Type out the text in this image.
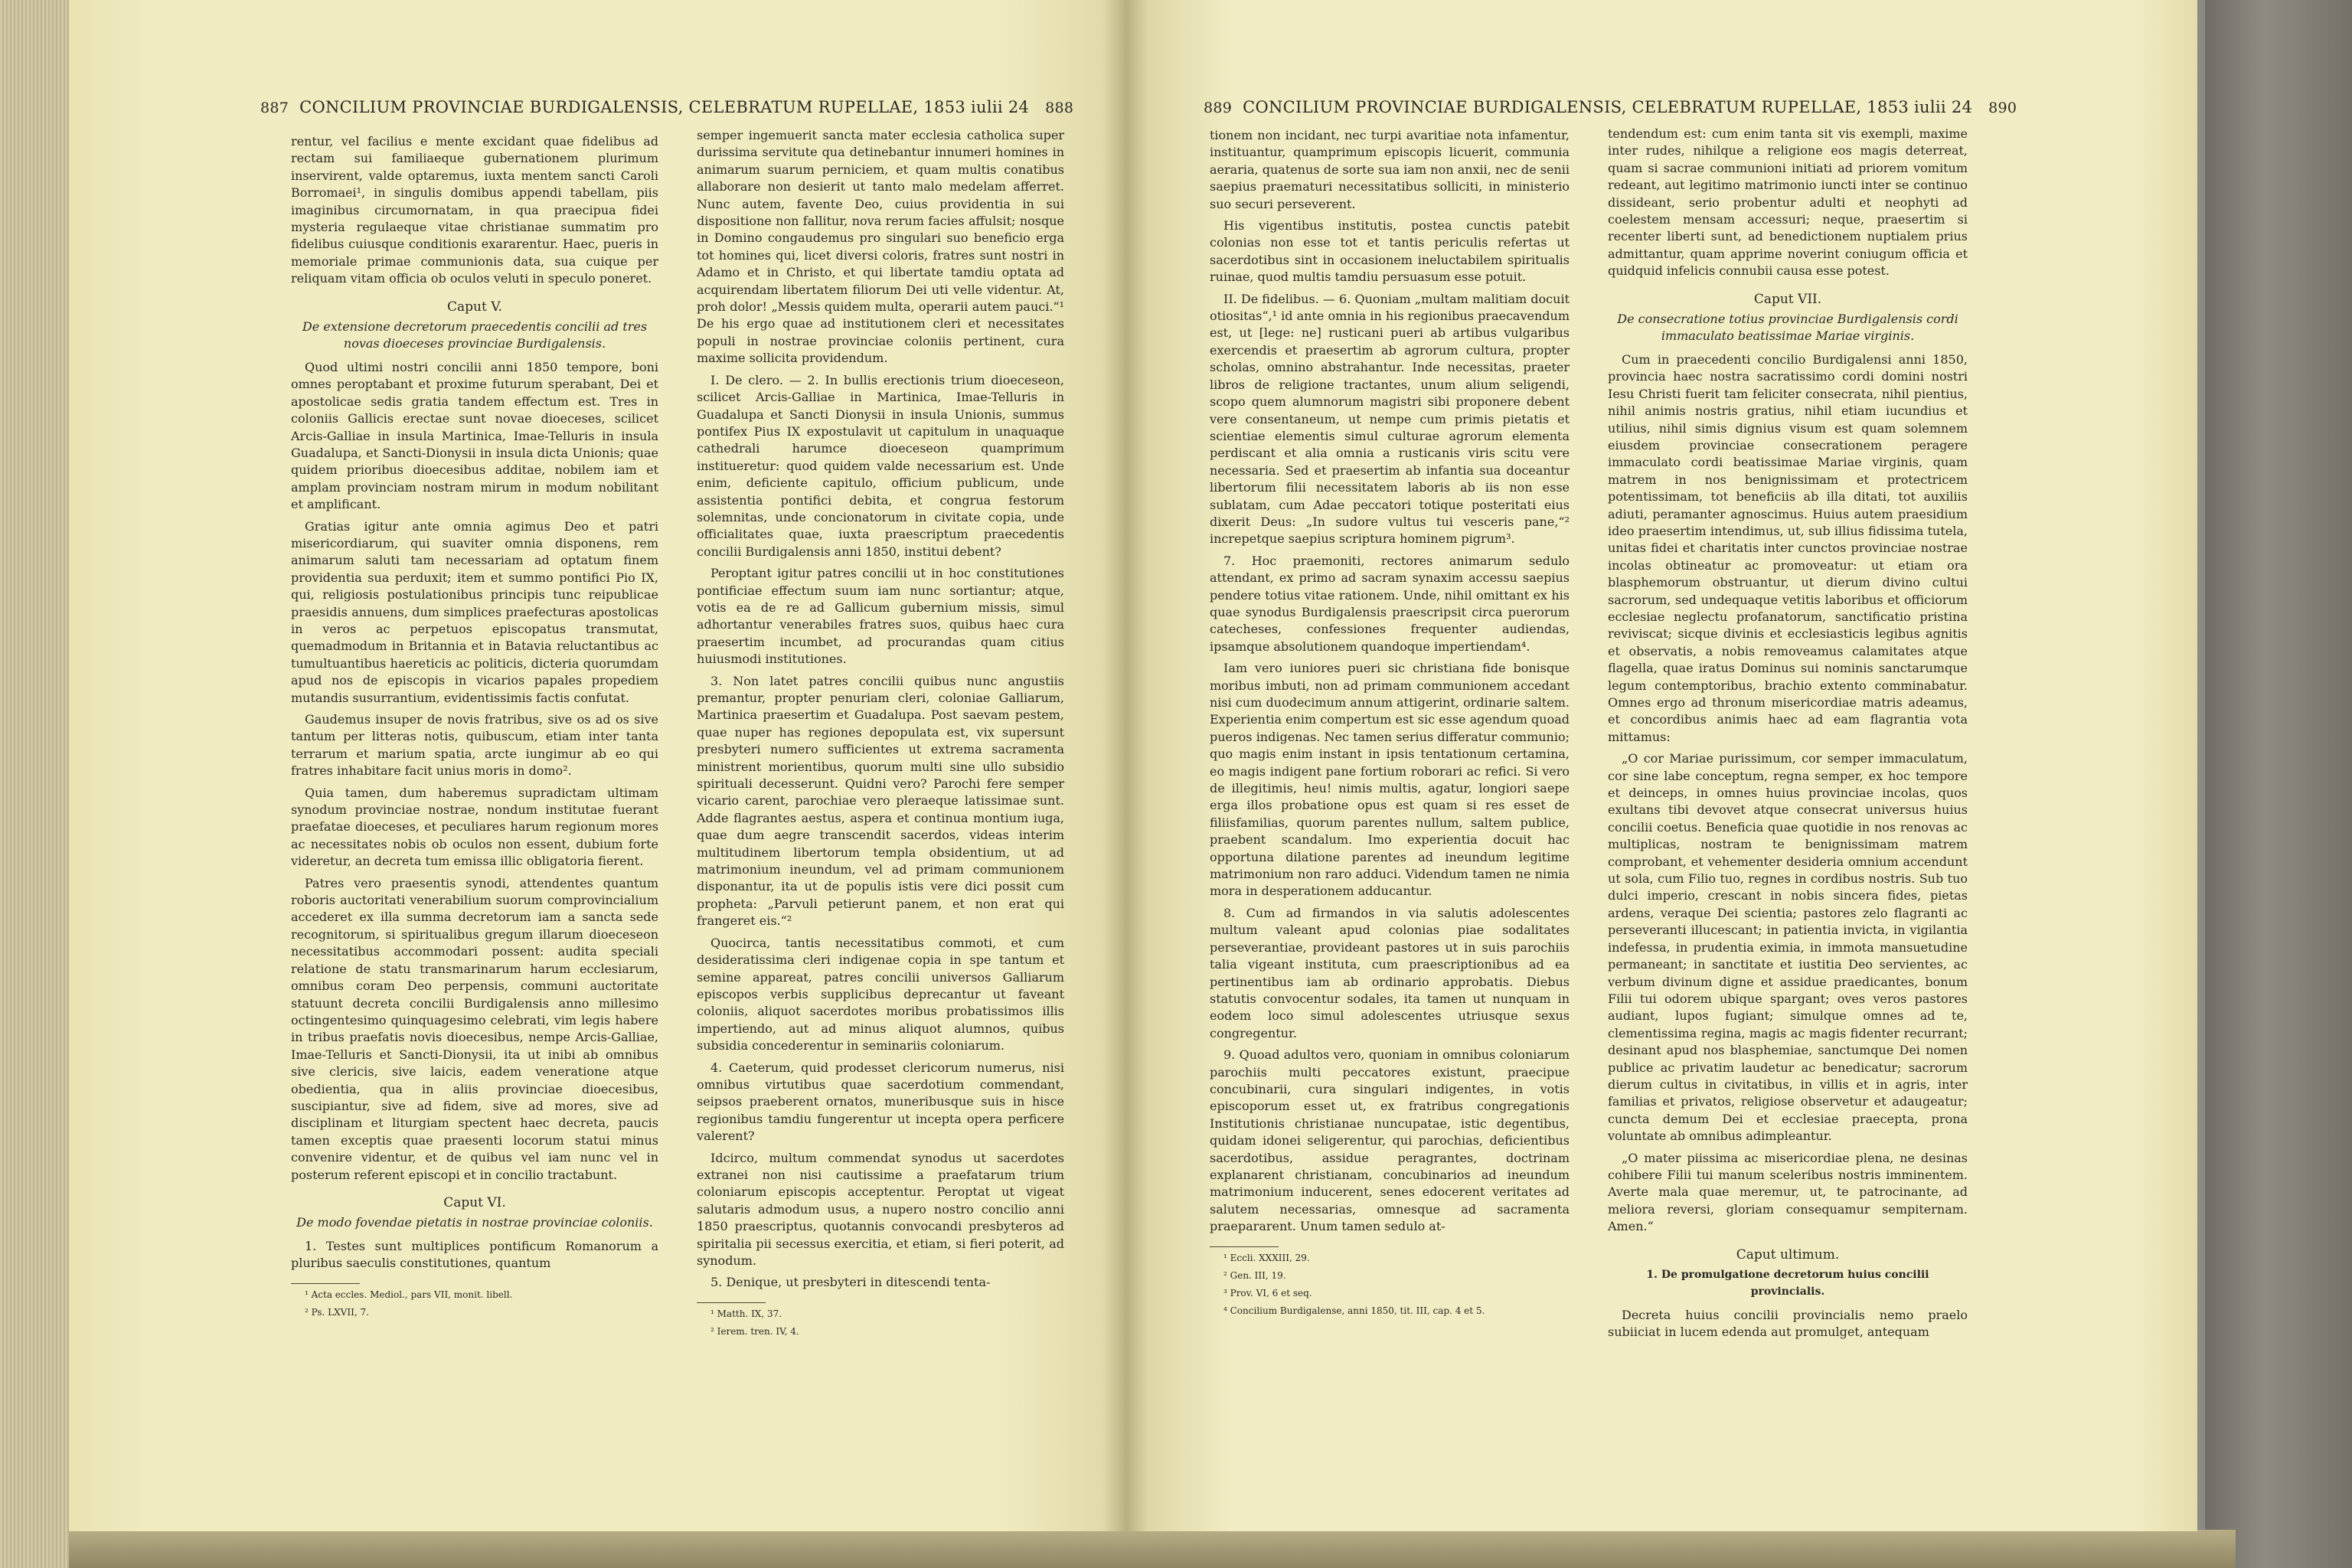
887 CONCILIUM PROVINCIAE BURDIGALENSIS, CELEBRATUM RUPELLAE, 1853 iulii 24 888

rentur, vel facilius e mente excidant quae fidelibus ad rectam sui familiaeque gubernationem plurimum inservirent, valde optaremus, iuxta mentem sancti Caroli Borromaei¹, in singulis domibus appendi tabellam, piis imaginibus circumornatam, in qua praecipua fidei mysteria regulaeque vitae christianae summatim pro fidelibus cuiusque conditionis exararentur. Haec, pueris in memoriale primae communionis data, sua cuique per reliquam vitam officia ob oculos veluti in speculo poneret.

Caput V.
De extensione decretorum praecedentis concilii ad tres novas dioeceses provinciae Burdigalensis.

Quod ultimi nostri concilii anni 1850 tempore, boni omnes peroptabant et proxime futurum sperabant, Dei et apostolicae sedis gratia tandem effectum est. Tres in coloniis Gallicis erectae sunt novae dioeceses, scilicet Arcis-Galliae in insula Martinica, Imae-Telluris in insula Guadalupa, et Sancti-Dionysii in insula dicta Unionis; quae quidem prioribus dioecesibus additae, nobilem iam et amplam provinciam nostram mirum in modum nobilitant et amplificant.

Gratias igitur ante omnia agimus Deo et patri misericordiarum, qui suaviter omnia disponens, rem animarum saluti tam necessariam ad optatum finem providentia sua perduxit; item et summo pontifici Pio IX, qui, religiosis postulationibus principis tunc reipublicae praesidis annuens, dum simplices praefecturas apostolicas in veros ac perpetuos episcopatus transmutat, quemadmodum in Britannia et in Batavia reluctantibus ac tumultuantibus haereticis ac politicis, dicteria quorumdam apud nos de episcopis in vicarios papales propediem mutandis susurrantium, evidentissimis factis confutat.

Gaudemus insuper de novis fratribus, sive os ad os sive tantum per litteras notis, quibuscum, etiam inter tanta terrarum et marium spatia, arcte iungimur ab eo qui fratres inhabitare facit unius moris in domo².

Quia tamen, dum haberemus supradictam ultimam synodum provinciae nostrae, nondum institutae fuerant praefatae dioeceses, et peculiares harum regionum mores ac necessitates nobis ob oculos non essent, dubium forte videretur, an decreta tum emissa illic obligatoria fierent.

Patres vero praesentis synodi, attendentes quantum roboris auctoritati venerabilium suorum comprovincialium accederet ex illa summa decretorum iam a sancta sede recognitorum, si spiritualibus gregum illarum dioeceseon necessitatibus accommodari possent: audita speciali relatione de statu transmarinarum harum ecclesiarum, omnibus coram Deo perpensis, communi auctoritate statuunt decreta concilii Burdigalensis anno millesimo octingentesimo quinquagesimo celebrati, vim legis habere in tribus praefatis novis dioecesibus, nempe Arcis-Galliae, Imae-Telluris et Sancti-Dionysii, ita ut inibi ab omnibus sive clericis, sive laicis, eadem veneratione atque obedientia, qua in aliis provinciae dioecesibus, suscipiantur, sive ad fidem, sive ad mores, sive ad disciplinam et liturgiam spectent haec decreta, paucis tamen exceptis quae praesenti locorum statui minus convenire videntur, et de quibus vel iam nunc vel in posterum referent episcopi et in concilio tractabunt.

Caput VI.
De modo fovendae pietatis in nostrae provinciae coloniis.

1. Testes sunt multiplices pontificum Romanorum a pluribus saeculis constitutiones, quantum

¹ Acta eccles. Mediol., pars VII, monit. libell.

² Ps. LXVII, 7.

semper ingemuerit sancta mater ecclesia catholica super durissima servitute qua detinebantur innumeri homines in animarum suarum perniciem, et quam multis conatibus allaborare non desierit ut tanto malo medelam afferret. Nunc autem, favente Deo, cuius providentia in sui dispositione non fallitur, nova rerum facies affulsit; nosque in Domino congaudemus pro singulari suo beneficio erga tot homines qui, licet diversi coloris, fratres sunt nostri in Adamo et in Christo, et qui libertate tamdiu optata ad acquirendam libertatem filiorum Dei uti velle videntur. At, proh dolor! „Messis quidem multa, operarii autem pauci.“¹ De his ergo quae ad institutionem cleri et necessitates populi in nostrae provinciae coloniis pertinent, cura maxime sollicita providendum.

I. De clero. — 2. In bullis erectionis trium dioeceseon, scilicet Arcis-Galliae in Martinica, Imae-Telluris in Guadalupa et Sancti Dionysii in insula Unionis, summus pontifex Pius IX expostulavit ut capitulum in unaquaque cathedrali harumce dioeceseon quamprimum institueretur: quod quidem valde necessarium est. Unde enim, deficiente capitulo, officium publicum, unde assistentia pontifici debita, et congrua festorum solemnitas, unde concionatorum in civitate copia, unde officialitates quae, iuxta praescriptum praecedentis concilii Burdigalensis anni 1850, institui debent?

Peroptant igitur patres concilii ut in hoc constitutiones pontificiae effectum suum iam nunc sortiantur; atque, votis ea de re ad Gallicum gubernium missis, simul adhortantur venerabiles fratres suos, quibus haec cura praesertim incumbet, ad procurandas quam citius huiusmodi institutiones.

3. Non latet patres concilii quibus nunc angustiis premantur, propter penuriam cleri, coloniae Galliarum, Martinica praesertim et Guadalupa. Post saevam pestem, quae nuper has regiones depopulata est, vix supersunt presbyteri numero sufficientes ut extrema sacramenta ministrent morientibus, quorum multi sine ullo subsidio spirituali decesserunt. Quidni vero? Parochi fere semper vicario carent, parochiae vero pleraeque latissimae sunt. Adde flagrantes aestus, aspera et continua montium iuga, quae dum aegre transcendit sacerdos, videas interim multitudinem libertorum templa obsidentium, ut ad matrimonium ineundum, vel ad primam communionem disponantur, ita ut de populis istis vere dici possit cum propheta: „Parvuli petierunt panem, et non erat qui frangeret eis.“²

Quocirca, tantis necessitatibus commoti, et cum desideratissima cleri indigenae copia in spe tantum et semine appareat, patres concilii universos Galliarum episcopos verbis supplicibus deprecantur ut faveant coloniis, aliquot sacerdotes moribus probatissimos illis impertiendo, aut ad minus aliquot alumnos, quibus subsidia concederentur in seminariis coloniarum.

4. Caeterum, quid prodesset clericorum numerus, nisi omnibus virtutibus quae sacerdotium commendant, seipsos praeberent ornatos, muneribusque suis in hisce regionibus tamdiu fungerentur ut incepta opera perficere valerent?

Idcirco, multum commendat synodus ut sacerdotes extranei non nisi cautissime a praefatarum trium coloniarum episcopis acceptentur. Peroptat ut vigeat salutaris admodum usus, a nupero nostro concilio anni 1850 praescriptus, quotannis convocandi presbyteros ad spiritalia pii secessus exercitia, et etiam, si fieri poterit, ad synodum.

5. Denique, ut presbyteri in ditescendi tenta-

¹ Matth. IX, 37.

² Ierem. tren. IV, 4.

889 CONCILIUM PROVINCIAE BURDIGALENSIS, CELEBRATUM RUPELLAE, 1853 iulii 24 890

tionem non incidant, nec turpi avaritiae nota infamentur, instituantur, quamprimum episcopis licuerit, communia aeraria, quatenus de sorte sua iam non anxii, nec de senii saepius praematuri necessitatibus solliciti, in ministerio suo securi perseverent.

His vigentibus institutis, postea cunctis patebit colonias non esse tot et tantis periculis refertas ut sacerdotibus sint in occasionem ineluctabilem spiritualis ruinae, quod multis tamdiu persuasum esse potuit.

II. De fidelibus. — 6. Quoniam „multam malitiam docuit otiositas“,¹ id ante omnia in his regionibus praecavendum est, ut [lege: ne] rusticani pueri ab artibus vulgaribus exercendis et praesertim ab agrorum cultura, propter scholas, omnino abstrahantur. Inde necessitas, praeter libros de religione tractantes, unum alium seligendi, scopo quem alumnorum magistri sibi proponere debent vere consentaneum, ut nempe cum primis pietatis et scientiae elementis simul culturae agrorum elementa perdiscant et alia omnia a rusticanis viris scitu vere necessaria. Sed et praesertim ab infantia sua doceantur libertorum filii necessitatem laboris ab iis non esse sublatam, cum Adae peccatori totique posteritati eius dixerit Deus: „In sudore vultus tui vesceris pane,“² increpetque saepius scriptura hominem pigrum³.

7. Hoc praemoniti, rectores animarum sedulo attendant, ex primo ad sacram synaxim accessu saepius pendere totius vitae rationem. Unde, nihil omittant ex his quae synodus Burdigalensis praescripsit circa puerorum catecheses, confessiones frequenter audiendas, ipsamque absolutionem quandoque impertiendam⁴.

Iam vero iuniores pueri sic christiana fide bonisque moribus imbuti, non ad primam communionem accedant nisi cum duodecimum annum attigerint, ordinarie saltem. Experientia enim compertum est sic esse agendum quoad pueros indigenas. Nec tamen serius differatur communio; quo magis enim instant in ipsis tentationum certamina, eo magis indigent pane fortium roborari ac refici. Si vero de illegitimis, heu! nimis multis, agatur, longiori saepe erga illos probatione opus est quam si res esset de filiisfamilias, quorum parentes nullum, saltem publice, praebent scandalum. Imo experientia docuit hac opportuna dilatione parentes ad ineundum legitime matrimonium non raro adduci. Videndum tamen ne nimia mora in desperationem adducantur.

8. Cum ad firmandos in via salutis adolescentes multum valeant apud colonias piae sodalitates perseverantiae, provideant pastores ut in suis parochiis talia vigeant instituta, cum praescriptionibus ad ea pertinentibus iam ab ordinario approbatis. Diebus statutis convocentur sodales, ita tamen ut nunquam in eodem loco simul adolescentes utriusque sexus congregentur.

9. Quoad adultos vero, quoniam in omnibus coloniarum parochiis multi peccatores existunt, praecipue concubinarii, cura singulari indigentes, in votis episcoporum esset ut, ex fratribus congregationis Institutionis christianae nuncupatae, istic degentibus, quidam idonei seligerentur, qui parochias, deficientibus sacerdotibus, assidue peragrantes, doctrinam explanarent christianam, concubinarios ad ineundum matrimonium inducerent, senes edocerent veritates ad salutem necessarias, omnesque ad sacramenta praepararent. Unum tamen sedulo at-

¹ Eccli. XXXIII, 29.

² Gen. III, 19.

³ Prov. VI, 6 et seq.

⁴ Concilium Burdigalense, anni 1850, tit. III, cap. 4 et 5.

tendendum est: cum enim tanta sit vis exempli, maxime inter rudes, nihilque a religione eos magis deterreat, quam si sacrae communioni initiati ad priorem vomitum redeant, aut legitimo matrimonio iuncti inter se continuo dissideant, serio probentur adulti et neophyti ad coelestem mensam accessuri; neque, praesertim si recenter liberti sunt, ad benedictionem nuptialem prius admittantur, quam apprime noverint coniugum officia et quidquid infelicis connubii causa esse potest.

Caput VII.
De consecratione totius provinciae Burdigalensis cordi immaculato beatissimae Mariae virginis.

Cum in praecedenti concilio Burdigalensi anni 1850, provincia haec nostra sacratissimo cordi domini nostri Iesu Christi fuerit tam feliciter consecrata, nihil pientius, nihil animis nostris gratius, nihil etiam iucundius et utilius, nihil simis dignius visum est quam solemnem eiusdem provinciae consecrationem peragere immaculato cordi beatissimae Mariae virginis, quam matrem in nos benignissimam et protectricem potentissimam, tot beneficiis ab illa ditati, tot auxiliis adiuti, peramanter agnoscimus. Huius autem praesidium ideo praesertim intendimus, ut, sub illius fidissima tutela, unitas fidei et charitatis inter cunctos provinciae nostrae incolas obtineatur ac promoveatur: ut etiam ora blasphemorum obstruantur, ut dierum divino cultui sacrorum, sed undequaque vetitis laboribus et officiorum ecclesiae neglectu profanatorum, sanctificatio pristina reviviscat; sicque divinis et ecclesiasticis legibus agnitis et observatis, a nobis removeamus calamitates atque flagella, quae iratus Dominus sui nominis sanctarumque legum contemptoribus, brachio extento comminabatur. Omnes ergo ad thronum misericordiae matris adeamus, et concordibus animis haec ad eam flagrantia vota mittamus:

„O cor Mariae purissimum, cor semper immaculatum, cor sine labe conceptum, regna semper, ex hoc tempore et deinceps, in omnes huius provinciae incolas, quos exultans tibi devovet atque consecrat universus huius concilii coetus. Beneficia quae quotidie in nos renovas ac multiplicas, nostram te benignissimam matrem comprobant, et vehementer desideria omnium accendunt ut sola, cum Filio tuo, regnes in cordibus nostris. Sub tuo dulci imperio, crescant in nobis sincera fides, pietas ardens, veraque Dei scientia; pastores zelo flagranti ac perseveranti illucescant; in patientia invicta, in vigilantia indefessa, in prudentia eximia, in immota mansuetudine permaneant; in sanctitate et iustitia Deo servientes, ac verbum divinum digne et assidue praedicantes, bonum Filii tui odorem ubique spargant; oves veros pastores audiant, lupos fugiant; simulque omnes ad te, clementissima regina, magis ac magis fidenter recurrant; desinant apud nos blasphemiae, sanctumque Dei nomen publice ac privatim laudetur ac benedicatur; sacrorum dierum cultus in civitatibus, in villis et in agris, inter familias et privatos, religiose observetur et adaugeatur; cuncta demum Dei et ecclesiae praecepta, prona voluntate ab omnibus adimpleantur.

„O mater piissima ac misericordiae plena, ne desinas cohibere Filii tui manum sceleribus nostris imminentem. Averte mala quae meremur, ut, te patrocinante, ad meliora reversi, gloriam consequamur sempiternam. Amen.“

Caput ultimum.
1. De promulgatione decretorum huius concilii provincialis.

Decreta huius concilii provincialis nemo praelo subiiciat in lucem edenda aut promulget, antequam
